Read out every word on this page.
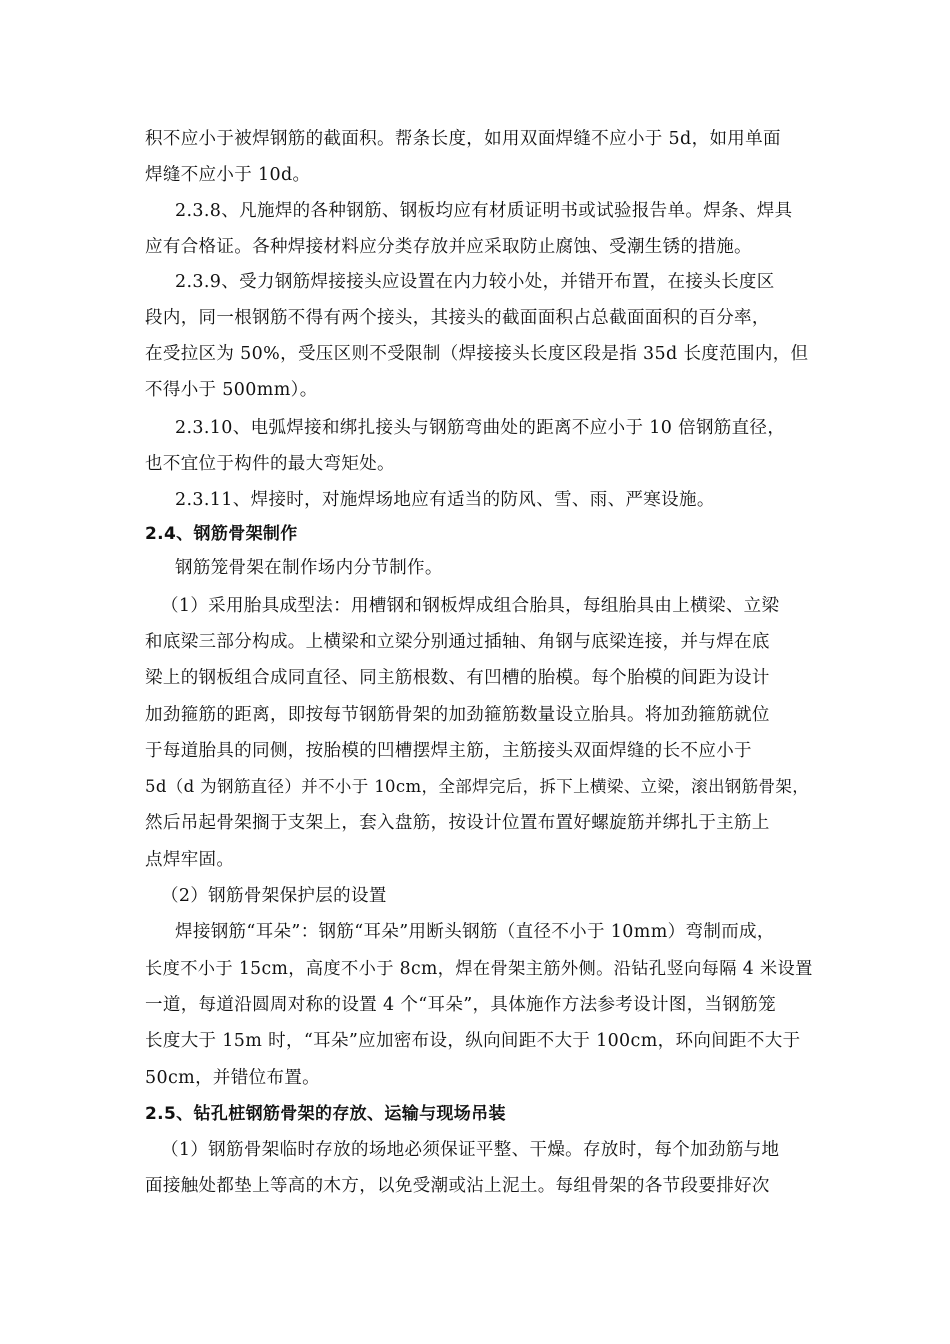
积不应小于被焊钢筋的截面积。帮条长度，如用双面焊缝不应小于 5d，如用单面
焊缝不应小于 10d。
2.3.8、凡施焊的各种钢筋、钢板均应有材质证明书或试验报告单。焊条、焊具
应有合格证。各种焊接材料应分类存放并应采取防止腐蚀、受潮生锈的措施。
2.3.9、受力钢筋焊接接头应设置在内力较小处，并错开布置，在接头长度区
段内，同一根钢筋不得有两个接头，其接头的截面面积占总截面面积的百分率，
在受拉区为 50%，受压区则不受限制（焊接接头长度区段是指 35d 长度范围内，但
不得小于 500mm）。
2.3.10、电弧焊接和绑扎接头与钢筋弯曲处的距离不应小于 10 倍钢筋直径，
也不宜位于构件的最大弯矩处。
2.3.11、焊接时，对施焊场地应有适当的防风、雪、雨、严寒设施。
2.4、钢筋骨架制作
钢筋笼骨架在制作场内分节制作。
（1）采用胎具成型法：用槽钢和钢板焊成组合胎具，每组胎具由上横梁、立梁
和底梁三部分构成。上横梁和立梁分别通过插轴、角钢与底梁连接，并与焊在底
梁上的钢板组合成同直径、同主筋根数、有凹槽的胎模。每个胎模的间距为设计
加劲箍筋的距离，即按每节钢筋骨架的加劲箍筋数量设立胎具。将加劲箍筋就位
于每道胎具的同侧，按胎模的凹槽摆焊主筋，主筋接头双面焊缝的长不应小于
5d（d 为钢筋直径）并不小于 10cm，全部焊完后，拆下上横梁、立梁，滚出钢筋骨架，
然后吊起骨架搁于支架上，套入盘筋，按设计位置布置好螺旋筋并绑扎于主筋上
点焊牢固。
（2）钢筋骨架保护层的设置
焊接钢筋“耳朵”：钢筋“耳朵”用断头钢筋（直径不小于 10mm）弯制而成，
长度不小于 15cm，高度不小于 8cm，焊在骨架主筋外侧。沿钻孔竖向每隔 4 米设置
一道，每道沿圆周对称的设置 4 个“耳朵”，具体施作方法参考设计图，当钢筋笼
长度大于 15m 时，“耳朵”应加密布设，纵向间距不大于 100cm，环向间距不大于
50cm，并错位布置。
2.5、钻孔桩钢筋骨架的存放、运输与现场吊装
（1）钢筋骨架临时存放的场地必须保证平整、干燥。存放时，每个加劲筋与地
面接触处都垫上等高的木方，以免受潮或沾上泥土。每组骨架的各节段要排好次
